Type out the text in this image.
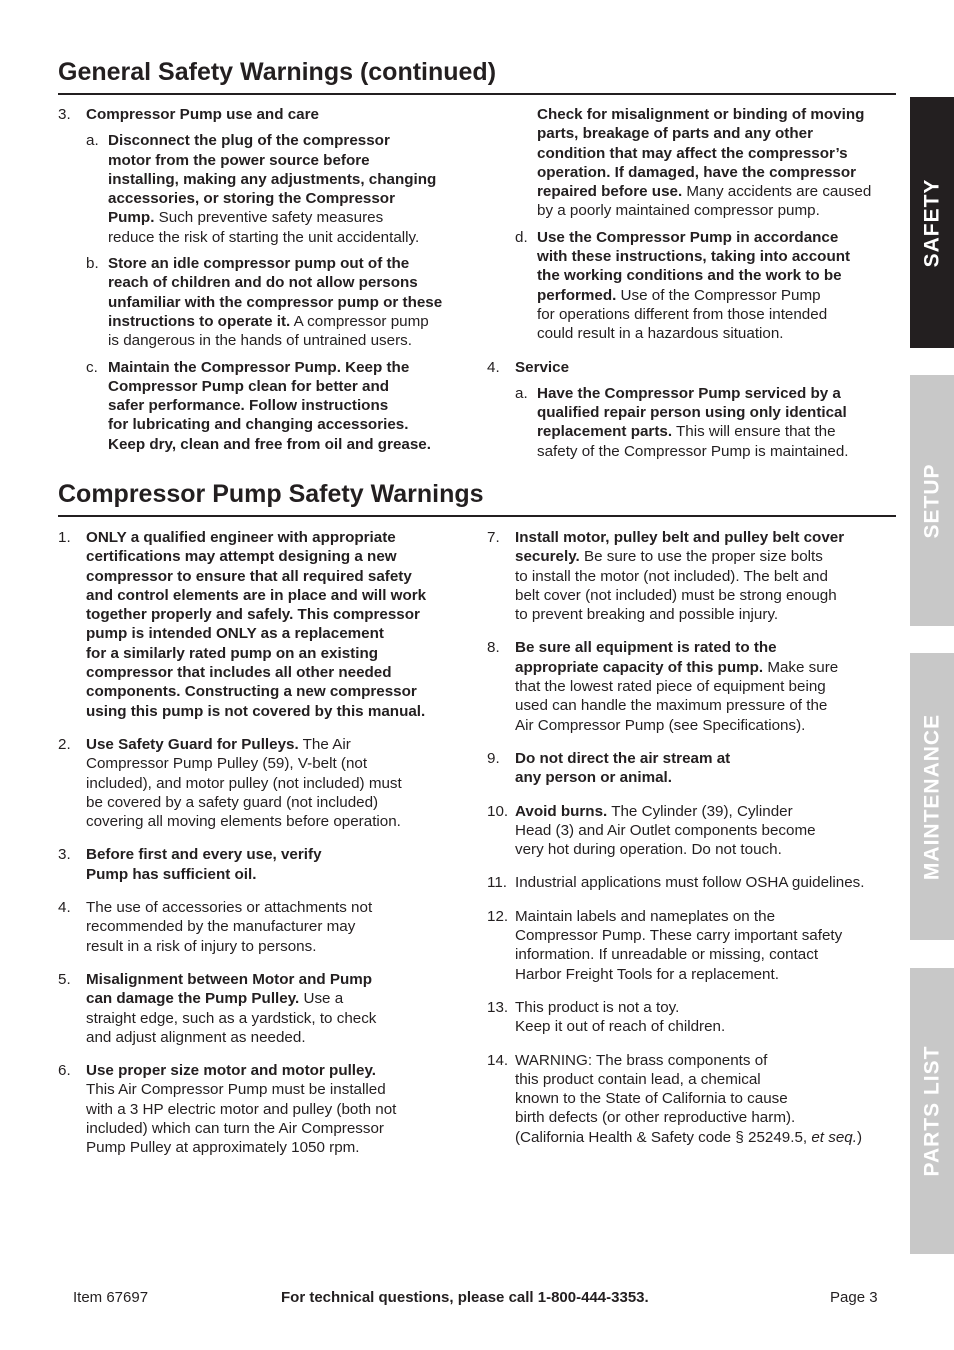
General Safety Warnings (continued)
3. Compressor Pump use and care
a. Disconnect the plug of the compressor
motor from the power source before
installing, making any adjustments, changing
accessories, or storing the Compressor
Pump. Such preventive safety measures
reduce the risk of starting the unit accidentally.
b. Store an idle compressor pump out of the
reach of children and do not allow persons
unfamiliar with the compressor pump or these
instructions to operate it. A compressor pump
is dangerous in the hands of untrained users.
c. Maintain the Compressor Pump. Keep the
Compressor Pump clean for better and
safer performance. Follow instructions
for lubricating and changing accessories.
Keep dry, clean and free from oil and grease.
Check for misalignment or binding of moving
parts, breakage of parts and any other
condition that may affect the compressor’s
operation. If damaged, have the compressor
repaired before use. Many accidents are caused
by a poorly maintained compressor pump.
d. Use the Compressor Pump in accordance
with these instructions, taking into account
the working conditions and the work to be
performed. Use of the Compressor Pump
for operations different from those intended
could result in a hazardous situation.
4. Service
a. Have the Compressor Pump serviced by a
qualified repair person using only identical
replacement parts. This will ensure that the
safety of the Compressor Pump is maintained.
Compressor Pump Safety Warnings
1. ONLY a qualified engineer with appropriate
certifications may attempt designing a new
compressor to ensure that all required safety
and control elements are in place and will work
together properly and safely. This compressor
pump is intended ONLY as a replacement
for a similarly rated pump on an existing
compressor that includes all other needed
components. Constructing a new compressor
using this pump is not covered by this manual.
2. Use Safety Guard for Pulleys. The Air
Compressor Pump Pulley (59), V-belt (not
included), and motor pulley (not included) must
be covered by a safety guard (not included)
covering all moving elements before operation.
3. Before first and every use, verify
Pump has sufficient oil.
4. The use of accessories or attachments not
recommended by the manufacturer may
result in a risk of injury to persons.
5. Misalignment between Motor and Pump
can damage the Pump Pulley. Use a
straight edge, such as a yardstick, to check
and adjust alignment as needed.
6. Use proper size motor and motor pulley.
This Air Compressor Pump must be installed
with a 3 HP electric motor and pulley (both not
included) which can turn the Air Compressor
Pump Pulley at approximately 1050 rpm.
7. Install motor, pulley belt and pulley belt cover
securely. Be sure to use the proper size bolts
to install the motor (not included). The belt and
belt cover (not included) must be strong enough
to prevent breaking and possible injury.
8. Be sure all equipment is rated to the
appropriate capacity of this pump. Make sure
that the lowest rated piece of equipment being
used can handle the maximum pressure of the
Air Compressor Pump (see Specifications).
9. Do not direct the air stream at
any person or animal.
10. Avoid burns. The Cylinder (39), Cylinder
Head (3) and Air Outlet components become
very hot during operation. Do not touch.
11. Industrial applications must follow OSHA guidelines.
12. Maintain labels and nameplates on the
Compressor Pump. These carry important safety
information. If unreadable or missing, contact
Harbor Freight Tools for a replacement.
13. This product is not a toy.
Keep it out of reach of children.
14. WARNING: The brass components of
this product contain lead, a chemical
known to the State of California to cause
birth defects (or other reproductive harm).
(California Health & Safety code § 25249.5, et seq.)
SAFETY
SETUP
MAINTENANCE
PARTS LIST
Item 67697	For technical questions, please call 1-800-444-3353.	Page 3
